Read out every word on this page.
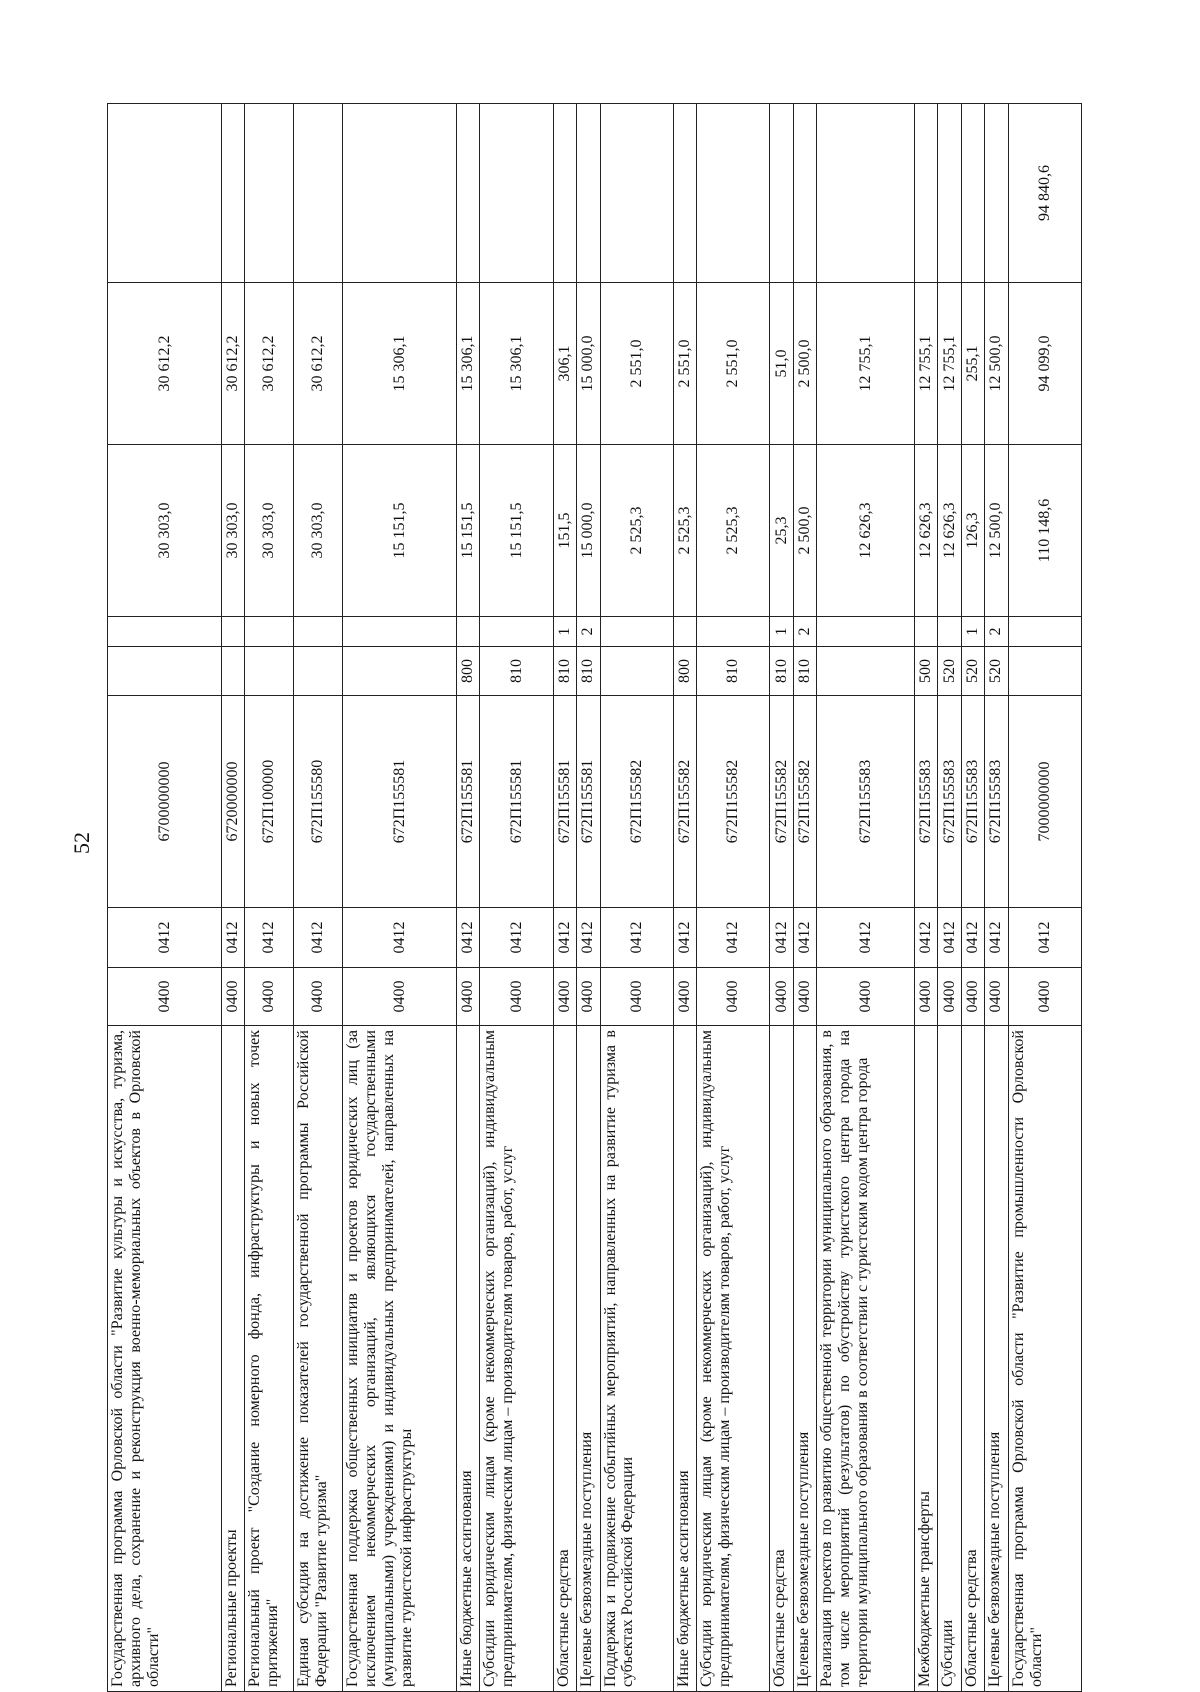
52
Государственная программа Орловской области "Развитие культуры и искусства, туризма, архивного дела, сохранение и реконструкция военно-мемориальных объектов в Орловской области"	0400	0412	6700000000			30 303,0	30 612,2	
Региональные проекты	0400	0412	6720000000			30 303,0	30 612,2	
Региональный проект "Создание номерного фонда, инфраструктуры и новых точек притяжения"	0400	0412	672П100000			30 303,0	30 612,2	
Единая субсидия на достижение показателей государственной программы Российской Федерации "Развитие туризма"	0400	0412	672П155580			30 303,0	30 612,2	
Государственная поддержка общественных инициатив и проектов юридических лиц (за исключением некоммерческих организаций, являющихся государственными (муниципальными) учреждениями) и индивидуальных предпринимателей, направленных на развитие туристской инфраструктуры	0400	0412	672П155581			15 151,5	15 306,1	
Иные бюджетные ассигнования	0400	0412	672П155581	800		15 151,5	15 306,1	
Субсидии юридическим лицам (кроме некоммерческих организаций), индивидуальным предпринимателям, физическим лицам – производителям товаров, работ, услуг	0400	0412	672П155581	810		15 151,5	15 306,1	
Областные средства	0400	0412	672П155581	810	1	151,5	306,1	
Целевые безвозмездные поступления	0400	0412	672П155581	810	2	15 000,0	15 000,0	
Поддержка и продвижение событийных мероприятий, направленных на развитие туризма в субъектах Российской Федерации	0400	0412	672П155582			2 525,3	2 551,0	
Иные бюджетные ассигнования	0400	0412	672П155582	800		2 525,3	2 551,0	
Субсидии юридическим лицам (кроме некоммерческих организаций), индивидуальным предпринимателям, физическим лицам – производителям товаров, работ, услуг	0400	0412	672П155582	810		2 525,3	2 551,0	
Областные средства	0400	0412	672П155582	810	1	25,3	51,0	
Целевые безвозмездные поступления	0400	0412	672П155582	810	2	2 500,0	2 500,0	
Реализация проектов по развитию общественной территории муниципального образования, в том числе мероприятий (результатов) по обустройству туристского центра города на территории муниципального образования в соответствии с туристским кодом центра города	0400	0412	672П155583			12 626,3	12 755,1	
Межбюджетные трансферты	0400	0412	672П155583	500		12 626,3	12 755,1	
Субсидии	0400	0412	672П155583	520		12 626,3	12 755,1	
Областные средства	0400	0412	672П155583	520	1	126,3	255,1	
Целевые безвозмездные поступления	0400	0412	672П155583	520	2	12 500,0	12 500,0	
Государственная программа Орловской области "Развитие промышленности Орловской области"	0400	0412	7000000000			110 148,6	94 099,0	94 840,6
